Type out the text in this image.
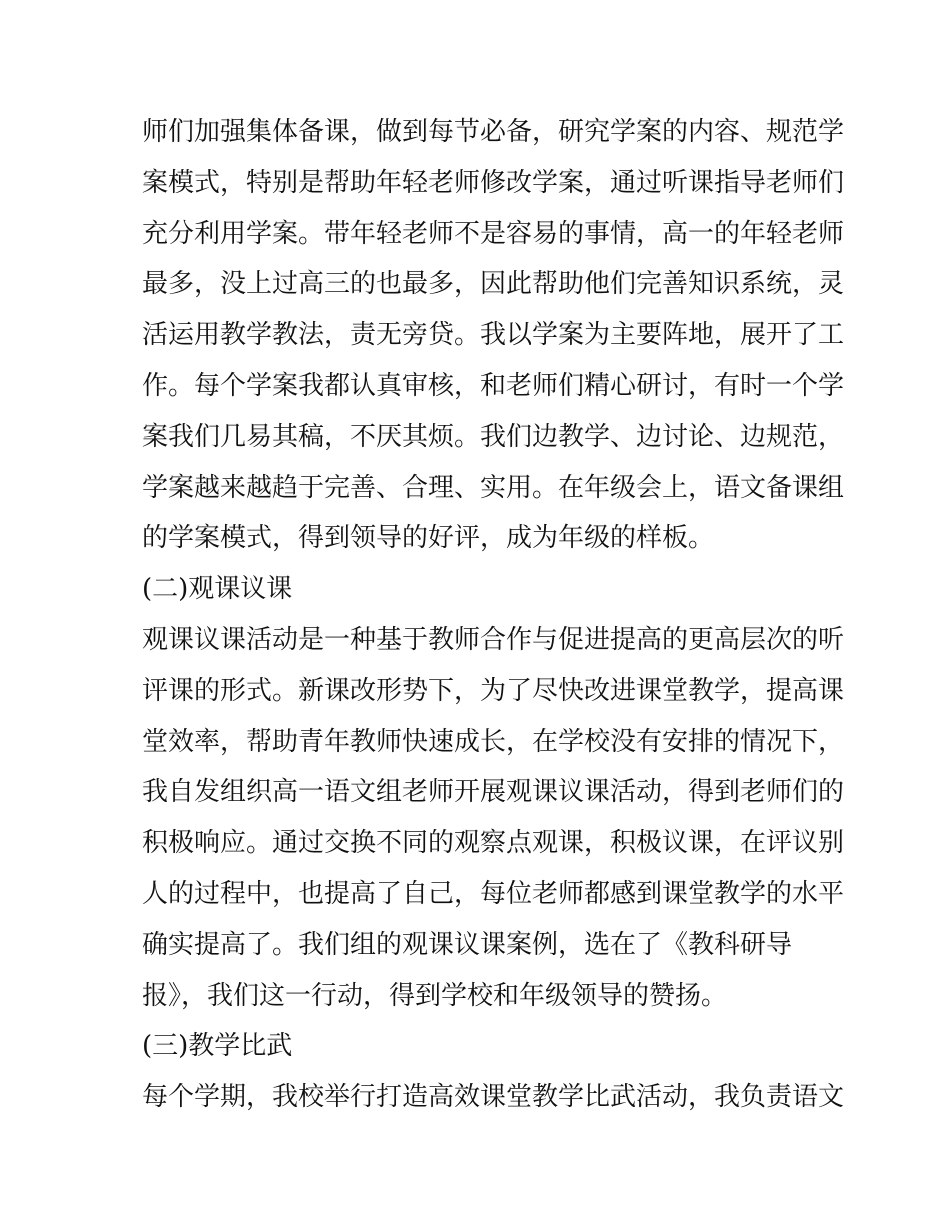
师们加强集体备课，做到每节必备，研究学案的内容、规范学
案模式，特别是帮助年轻老师修改学案，通过听课指导老师们
充分利用学案。带年轻老师不是容易的事情，高一的年轻老师
最多，没上过高三的也最多，因此帮助他们完善知识系统，灵
活运用教学教法，责无旁贷。我以学案为主要阵地，展开了工
作。每个学案我都认真审核，和老师们精心研讨，有时一个学
案我们几易其稿，不厌其烦。我们边教学、边讨论、边规范，
学案越来越趋于完善、合理、实用。在年级会上，语文备课组
的学案模式，得到领导的好评，成为年级的样板。
(二)观课议课
观课议课活动是一种基于教师合作与促进提高的更高层次的听
评课的形式。新课改形势下，为了尽快改进课堂教学，提高课
堂效率，帮助青年教师快速成长，在学校没有安排的情况下，
我自发组织高一语文组老师开展观课议课活动，得到老师们的
积极响应。通过交换不同的观察点观课，积极议课，在评议别
人的过程中，也提高了自己，每位老师都感到课堂教学的水平
确实提高了。我们组的观课议课案例，选在了《教科研导
报》，我们这一行动，得到学校和年级领导的赞扬。
(三)教学比武
每个学期，我校举行打造高效课堂教学比武活动，我负责语文
